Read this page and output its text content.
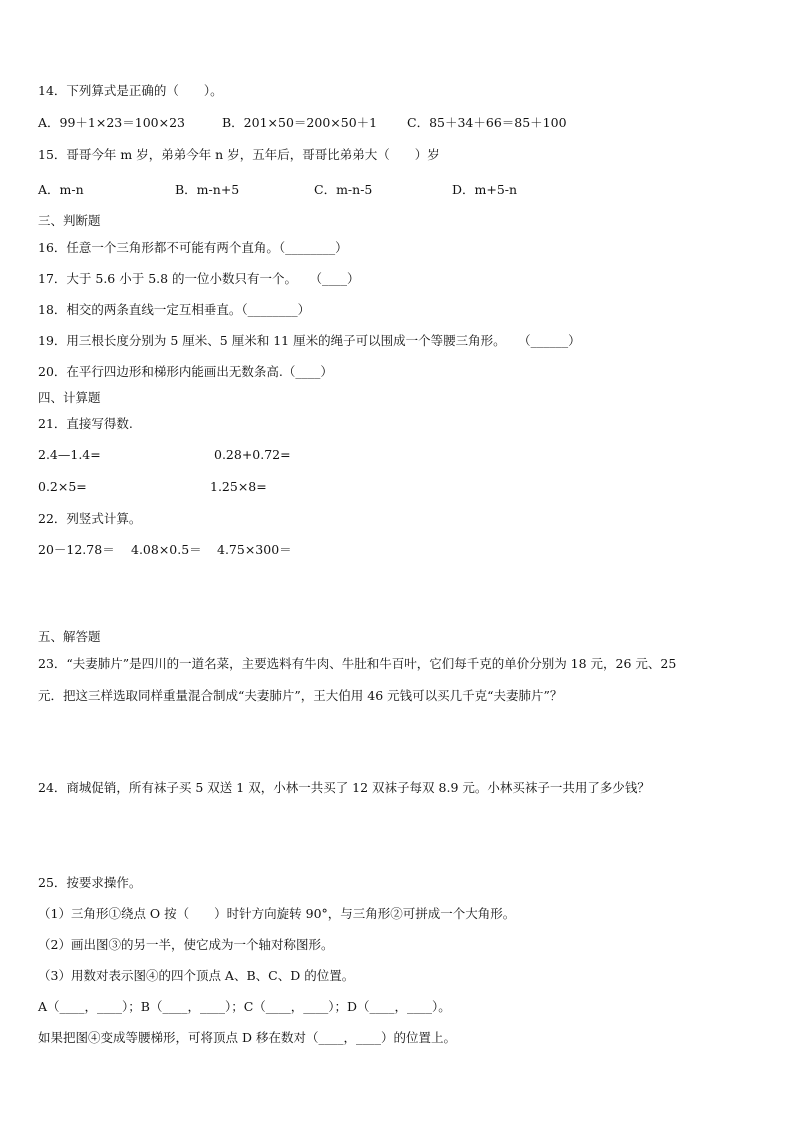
14．下列算式是正确的（　　）。
A．99＋1×23＝100×23	B．201×50＝200×50＋1 C．85＋34＋66＝85＋100
15．哥哥今年 m 岁，弟弟今年 n 岁，五年后，哥哥比弟弟大（　　）岁
A．m-n	B．m-n+5	C．m-n-5	D．m+5-n
三、判断题
16．任意一个三角形都不可能有两个直角。（________）
17．大于 5.6 小于 5.8 的一位小数只有一个。　　（____）
18．相交的两条直线一定互相垂直。（________）
19．用三根长度分别为 5 厘米、5 厘米和 11 厘米的绳子可以围成一个等腰三角形。　　（______）
20．在平行四边形和梯形内能画出无数条高.（____）
四、计算题
21．直接写得数.
2.4—1.4=	0.28+0.72=
0.2×5=	1.25×8=
22．列竖式计算。
20－12.78＝ 4.08×0.5＝ 4.75×300＝
五、解答题
23．“夫妻肺片”是四川的一道名菜，主要选料有牛肉、牛肚和牛百叶，它们每千克的单价分别为 18 元，26 元、25
元．把这三样选取同样重量混合制成“夫妻肺片”，王大伯用 46 元钱可以买几千克“夫妻肺片”？
24．商城促销，所有袜子买 5 双送 1 双，小林一共买了 12 双袜子每双 8.9 元。小林买袜子一共用了多少钱？
25．按要求操作。
（1）三角形①绕点 O 按（　　）时针方向旋转 90°，与三角形②可拼成一个大角形。
（2）画出图③的另一半，使它成为一个轴对称图形。
（3）用数对表示图④的四个顶点 A、B、C、D 的位置。
A（____，____）；B（____，____）；C（____，____）；D（____，____）。
如果把图④变成等腰梯形，可将顶点 D 移在数对（____，____）的位置上。
